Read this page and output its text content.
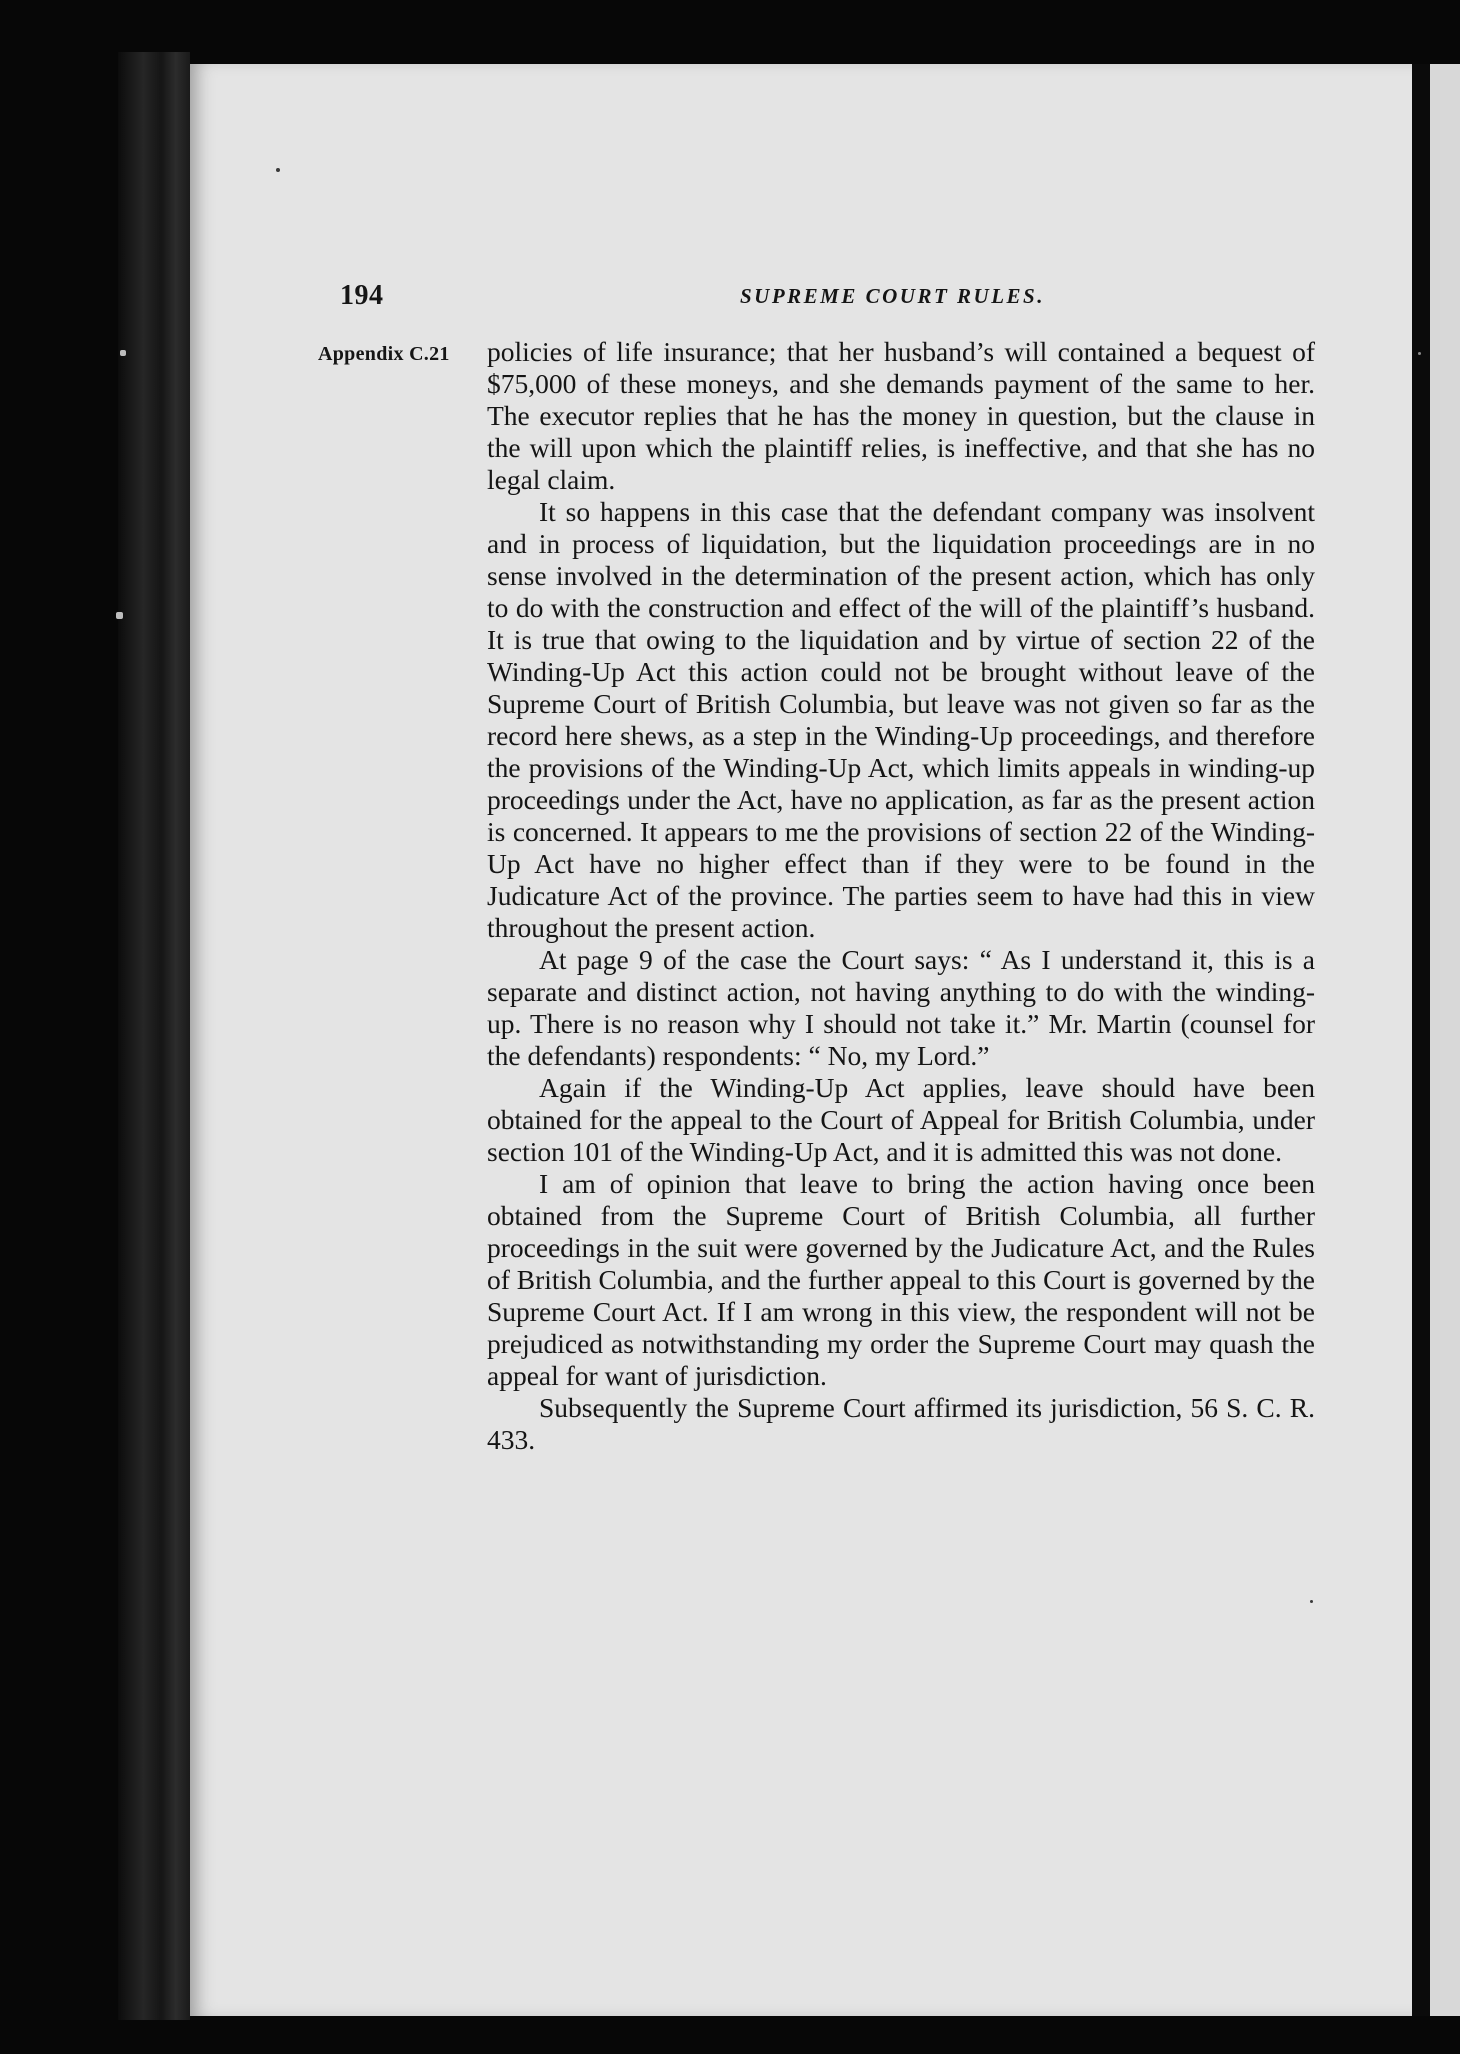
194	SUPREME COURT RULES.
Appendix C.21 policies of life insurance; that her husband’s will contained a bequest of $75,000 of these moneys, and she demands payment of the same to her. The executor replies that he has the money in question, but the clause in the will upon which the plaintiff relies, is ineffective, and that she has no legal claim.

It so happens in this case that the defendant company was insolvent and in process of liquidation, but the liquidation proceedings are in no sense involved in the determination of the present action, which has only to do with the construction and effect of the will of the plaintiff’s husband. It is true that owing to the liquidation and by virtue of section 22 of the Winding-Up Act this action could not be brought without leave of the Supreme Court of British Columbia, but leave was not given so far as the record here shews, as a step in the Winding-Up proceedings, and therefore the provisions of the Winding-Up Act, which limits appeals in winding-up proceedings under the Act, have no application, as far as the present action is concerned. It appears to me the provisions of section 22 of the Winding-Up Act have no higher effect than if they were to be found in the Judicature Act of the province. The parties seem to have had this in view throughout the present action.

At page 9 of the case the Court says: “ As I understand it, this is a separate and distinct action, not having anything to do with the winding-up. There is no reason why I should not take it.” Mr. Martin (counsel for the defendants) respondents: “ No, my Lord.”

Again if the Winding-Up Act applies, leave should have been obtained for the appeal to the Court of Appeal for British Columbia, under section 101 of the Winding-Up Act, and it is admitted this was not done.

I am of opinion that leave to bring the action having once been obtained from the Supreme Court of British Columbia, all further proceedings in the suit were governed by the Judicature Act, and the Rules of British Columbia, and the further appeal to this Court is governed by the Supreme Court Act. If I am wrong in this view, the respondent will not be prejudiced as notwithstanding my order the Supreme Court may quash the appeal for want of jurisdiction.

Subsequently the Supreme Court affirmed its jurisdiction, 56 S. C. R. 433.
